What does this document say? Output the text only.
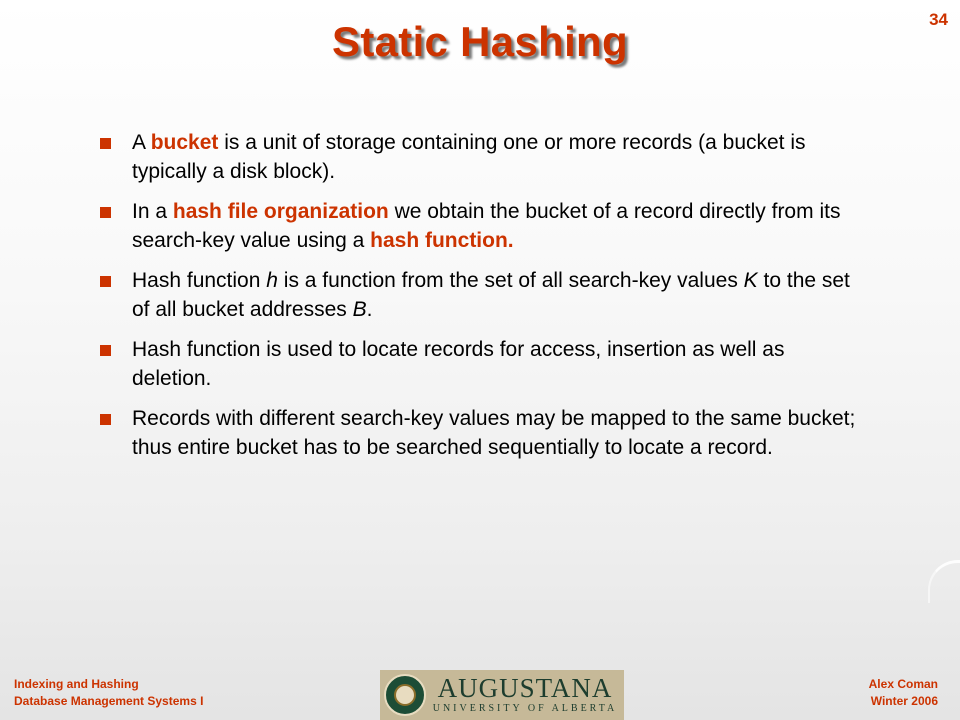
34
Static Hashing
A bucket is a unit of storage containing one or more records (a bucket is typically a disk block).
In a hash file organization we obtain the bucket of a record directly from its search-key value using a hash function.
Hash function h is a function from the set of all search-key values K to the set of all bucket addresses B.
Hash function is used to locate records for access, insertion as well as deletion.
Records with different search-key values may be mapped to the same bucket; thus entire bucket has to be searched sequentially to locate a record.
Indexing and Hashing
Database Management Systems I	AUGUSTANA
UNIVERSITY OF ALBERTA
Alex Coman
Winter 2006
